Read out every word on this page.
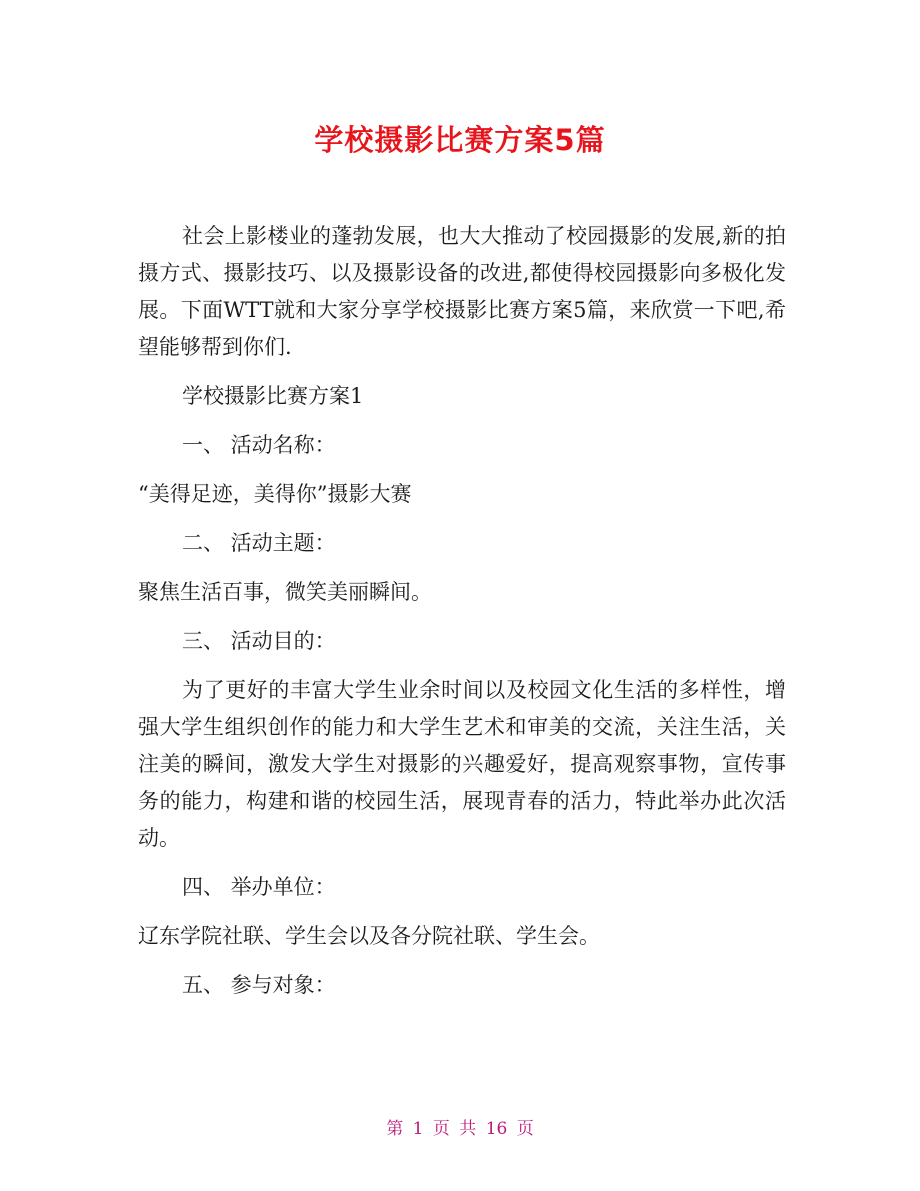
学校摄影比赛方案5篇

社会上影楼业的蓬勃发展，也大大推动了校园摄影的发展,新的拍摄方式、摄影技巧、以及摄影设备的改进,都使得校园摄影向多极化发展。下面WTT就和大家分享学校摄影比赛方案5篇，来欣赏一下吧,希望能够帮到你们.

学校摄影比赛方案1

一、 活动名称：

“美得足迹，美得你”摄影大赛

二、 活动主题：

聚焦生活百事，微笑美丽瞬间。

三、 活动目的：

为了更好的丰富大学生业余时间以及校园文化生活的多样性，增强大学生组织创作的能力和大学生艺术和审美的交流，关注生活，关注美的瞬间，激发大学生对摄影的兴趣爱好，提高观察事物，宣传事务的能力，构建和谐的校园生活，展现青春的活力，特此举办此次活动。

四、 举办单位：

辽东学院社联、学生会以及各分院社联、学生会。

五、 参与对象：

第 1 页 共 16 页
